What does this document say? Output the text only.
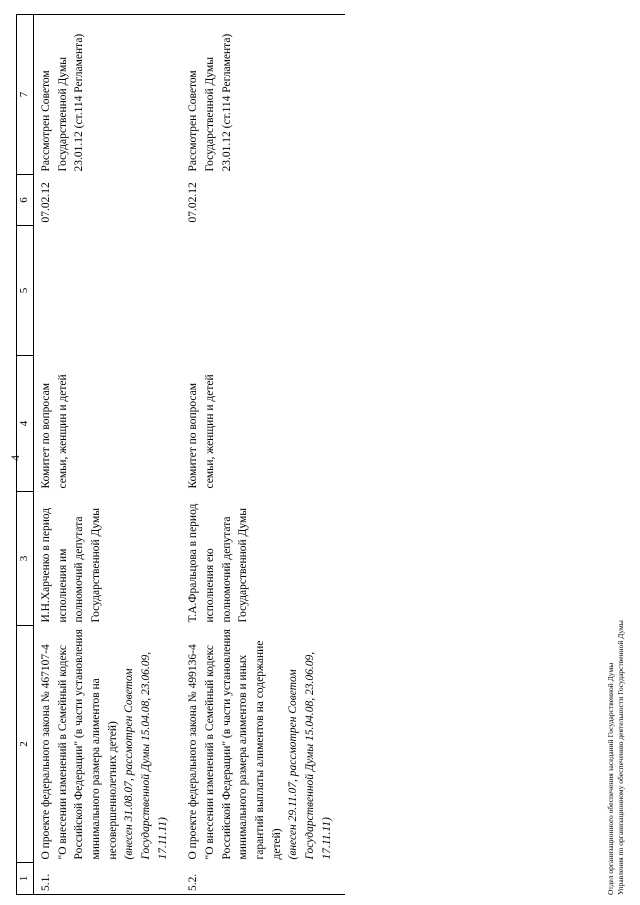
4
1	2	3	4	5	6	7
5.1.	О проекте федерального закона № 467107-4 "О внесении изменений в Семейный кодекс Российской Федерации" (в части установления минимального размера алиментов на несовершеннолетних детей) (внесен 31.08.07, рассмотрен Советом Государственной Думы 15.04.08, 23.06.09, 17.11.11)	И.Н.Харченко в период исполнения им полномочий депутата Государственной Думы	Комитет по вопросам семьи, женщин и детей		07.02.12	Рассмотрен Советом Государственной Думы 23.01.12 (ст.114 Регламента)
5.2.	О проекте федерального закона № 499136-4 "О внесении изменений в Семейный кодекс Российской Федерации" (в части установления минимального размера алиментов и иных гарантий выплаты алиментов на содержание детей) (внесен 29.11.07, рассмотрен Советом Государственной Думы 15.04.08, 23.06.09, 17.11.11)	Т.А.Фральцова в период исполнения ею полномочий депутата Государственной Думы	Комитет по вопросам семьи, женщин и детей		07.02.12	Рассмотрен Советом Государственной Думы 23.01.12 (ст.114 Регламента)
Отдел организационного обеспечения заседаний Государственной Думы Управления по организационному обеспечению деятельности Государственной Думы
